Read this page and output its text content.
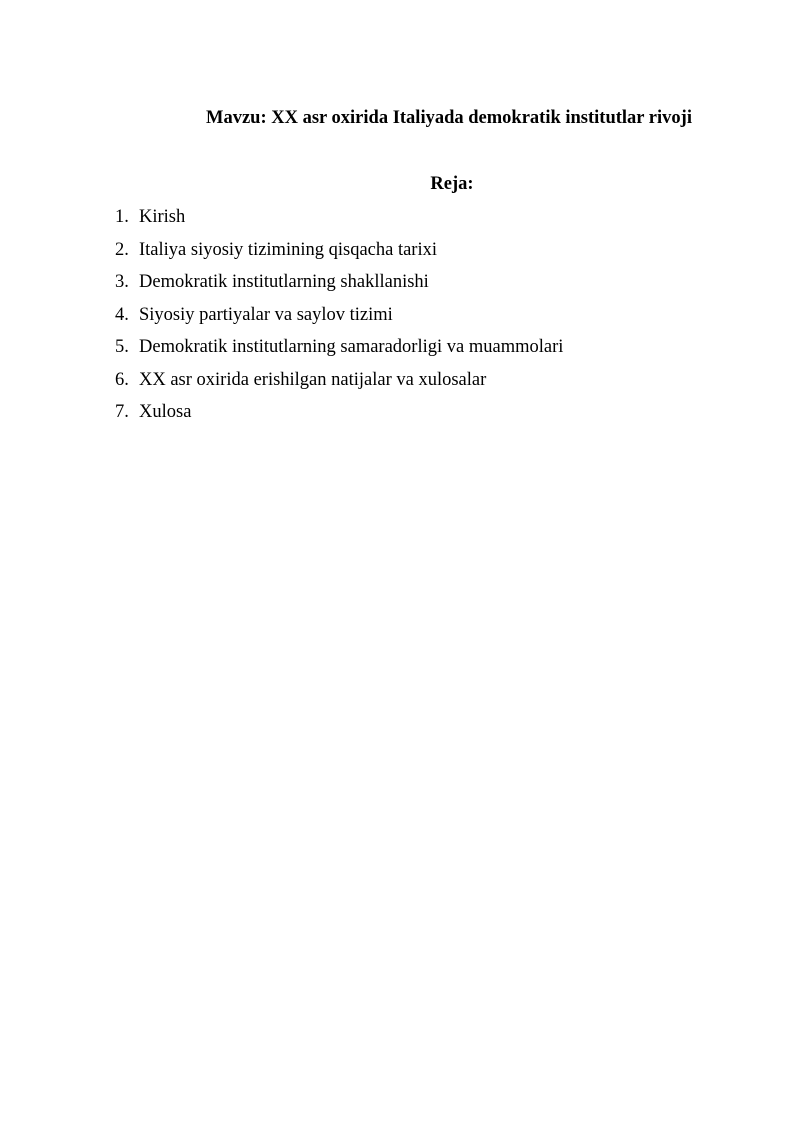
Mavzu: XX asr oxirida Italiyada demokratik institutlar rivoji
Reja:
1. Kirish
2. Italiya siyosiy tizimining qisqacha tarixi
3. Demokratik institutlarning shakllanishi
4. Siyosiy partiyalar va saylov tizimi
5. Demokratik institutlarning samaradorligi va muammolari
6. XX asr oxirida erishilgan natijalar va xulosalar
7. Xulosa
